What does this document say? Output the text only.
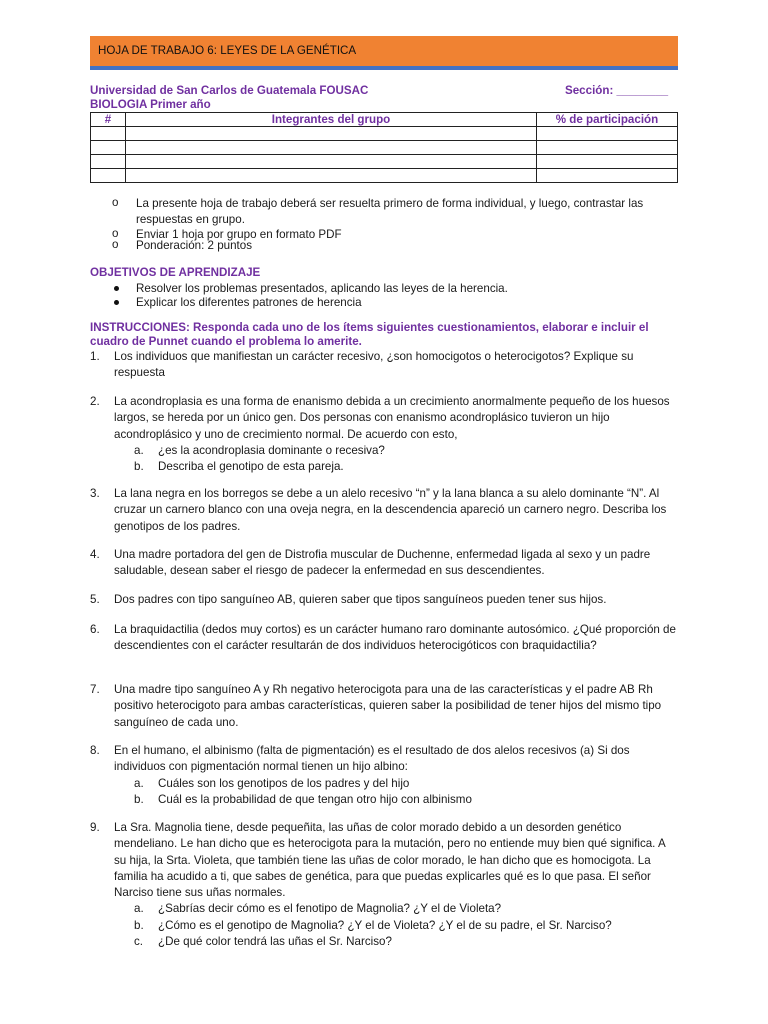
HOJA DE TRABAJO 6: LEYES DE LA GENÉTICA
Universidad de San Carlos de Guatemala FOUSAC	Sección: ________
BIOLOGIA Primer año
#	Integrantes del grupo	% de participación

o La presente hoja de trabajo deberá ser resuelta primero de forma individual, y luego, contrastar las respuestas en grupo.
o Enviar 1 hoja por grupo en formato PDF
o Ponderación: 2 puntos
OBJETIVOS DE APRENDIZAJE
Resolver los problemas presentados, aplicando las leyes de la herencia.
Explicar los diferentes patrones de herencia
INSTRUCCIONES: Responda cada uno de los ítems siguientes cuestionamientos, elaborar e incluir el
cuadro de Punnet cuando el problema lo amerite.
1. Los individuos que manifiestan un carácter recesivo, ¿son homocigotos o heterocigotos? Explique su respuesta
2. La acondroplasia es una forma de enanismo debida a un crecimiento anormalmente pequeño de los huesos largos, se hereda por un único gen. Dos personas con enanismo acondroplásico tuvieron un hijo acondroplásico y uno de crecimiento normal. De acuerdo con esto,
a. ¿es la acondroplasia dominante o recesiva?
b. Describa el genotipo de esta pareja.
3. La lana negra en los borregos se debe a un alelo recesivo “n” y la lana blanca a su alelo dominante “N”. Al cruzar un carnero blanco con una oveja negra, en la descendencia apareció un carnero negro. Describa los genotipos de los padres.
4. Una madre portadora del gen de Distrofia muscular de Duchenne, enfermedad ligada al sexo y un padre saludable, desean saber el riesgo de padecer la enfermedad en sus descendientes.
5. Dos padres con tipo sanguíneo AB, quieren saber que tipos sanguíneos pueden tener sus hijos.
6. La braquidactilia (dedos muy cortos) es un carácter humano raro dominante autosómico. ¿Qué proporción de descendientes con el carácter resultarán de dos individuos heterocigóticos con braquidactilia?
7. Una madre tipo sanguíneo A y Rh negativo heterocigota para una de las características y el padre AB Rh positivo heterocigoto para ambas características, quieren saber la posibilidad de tener hijos del mismo tipo sanguíneo de cada uno.
8. En el humano, el albinismo (falta de pigmentación) es el resultado de dos alelos recesivos (a) Si dos individuos con pigmentación normal tienen un hijo albino:
a. Cuáles son los genotipos de los padres y del hijo
b. Cuál es la probabilidad de que tengan otro hijo con albinismo
9. La Sra. Magnolia tiene, desde pequeñita, las uñas de color morado debido a un desorden genético mendeliano. Le han dicho que es heterocigota para la mutación, pero no entiende muy bien qué significa. A su hija, la Srta. Violeta, que también tiene las uñas de color morado, le han dicho que es homocigota. La familia ha acudido a ti, que sabes de genética, para que puedas explicarles qué es lo que pasa. El señor Narciso tiene sus uñas normales.
a. ¿Sabrías decir cómo es el fenotipo de Magnolia? ¿Y el de Violeta?
b. ¿Cómo es el genotipo de Magnolia? ¿Y el de Violeta? ¿Y el de su padre, el Sr. Narciso?
c. ¿De qué color tendrá las uñas el Sr. Narciso?
